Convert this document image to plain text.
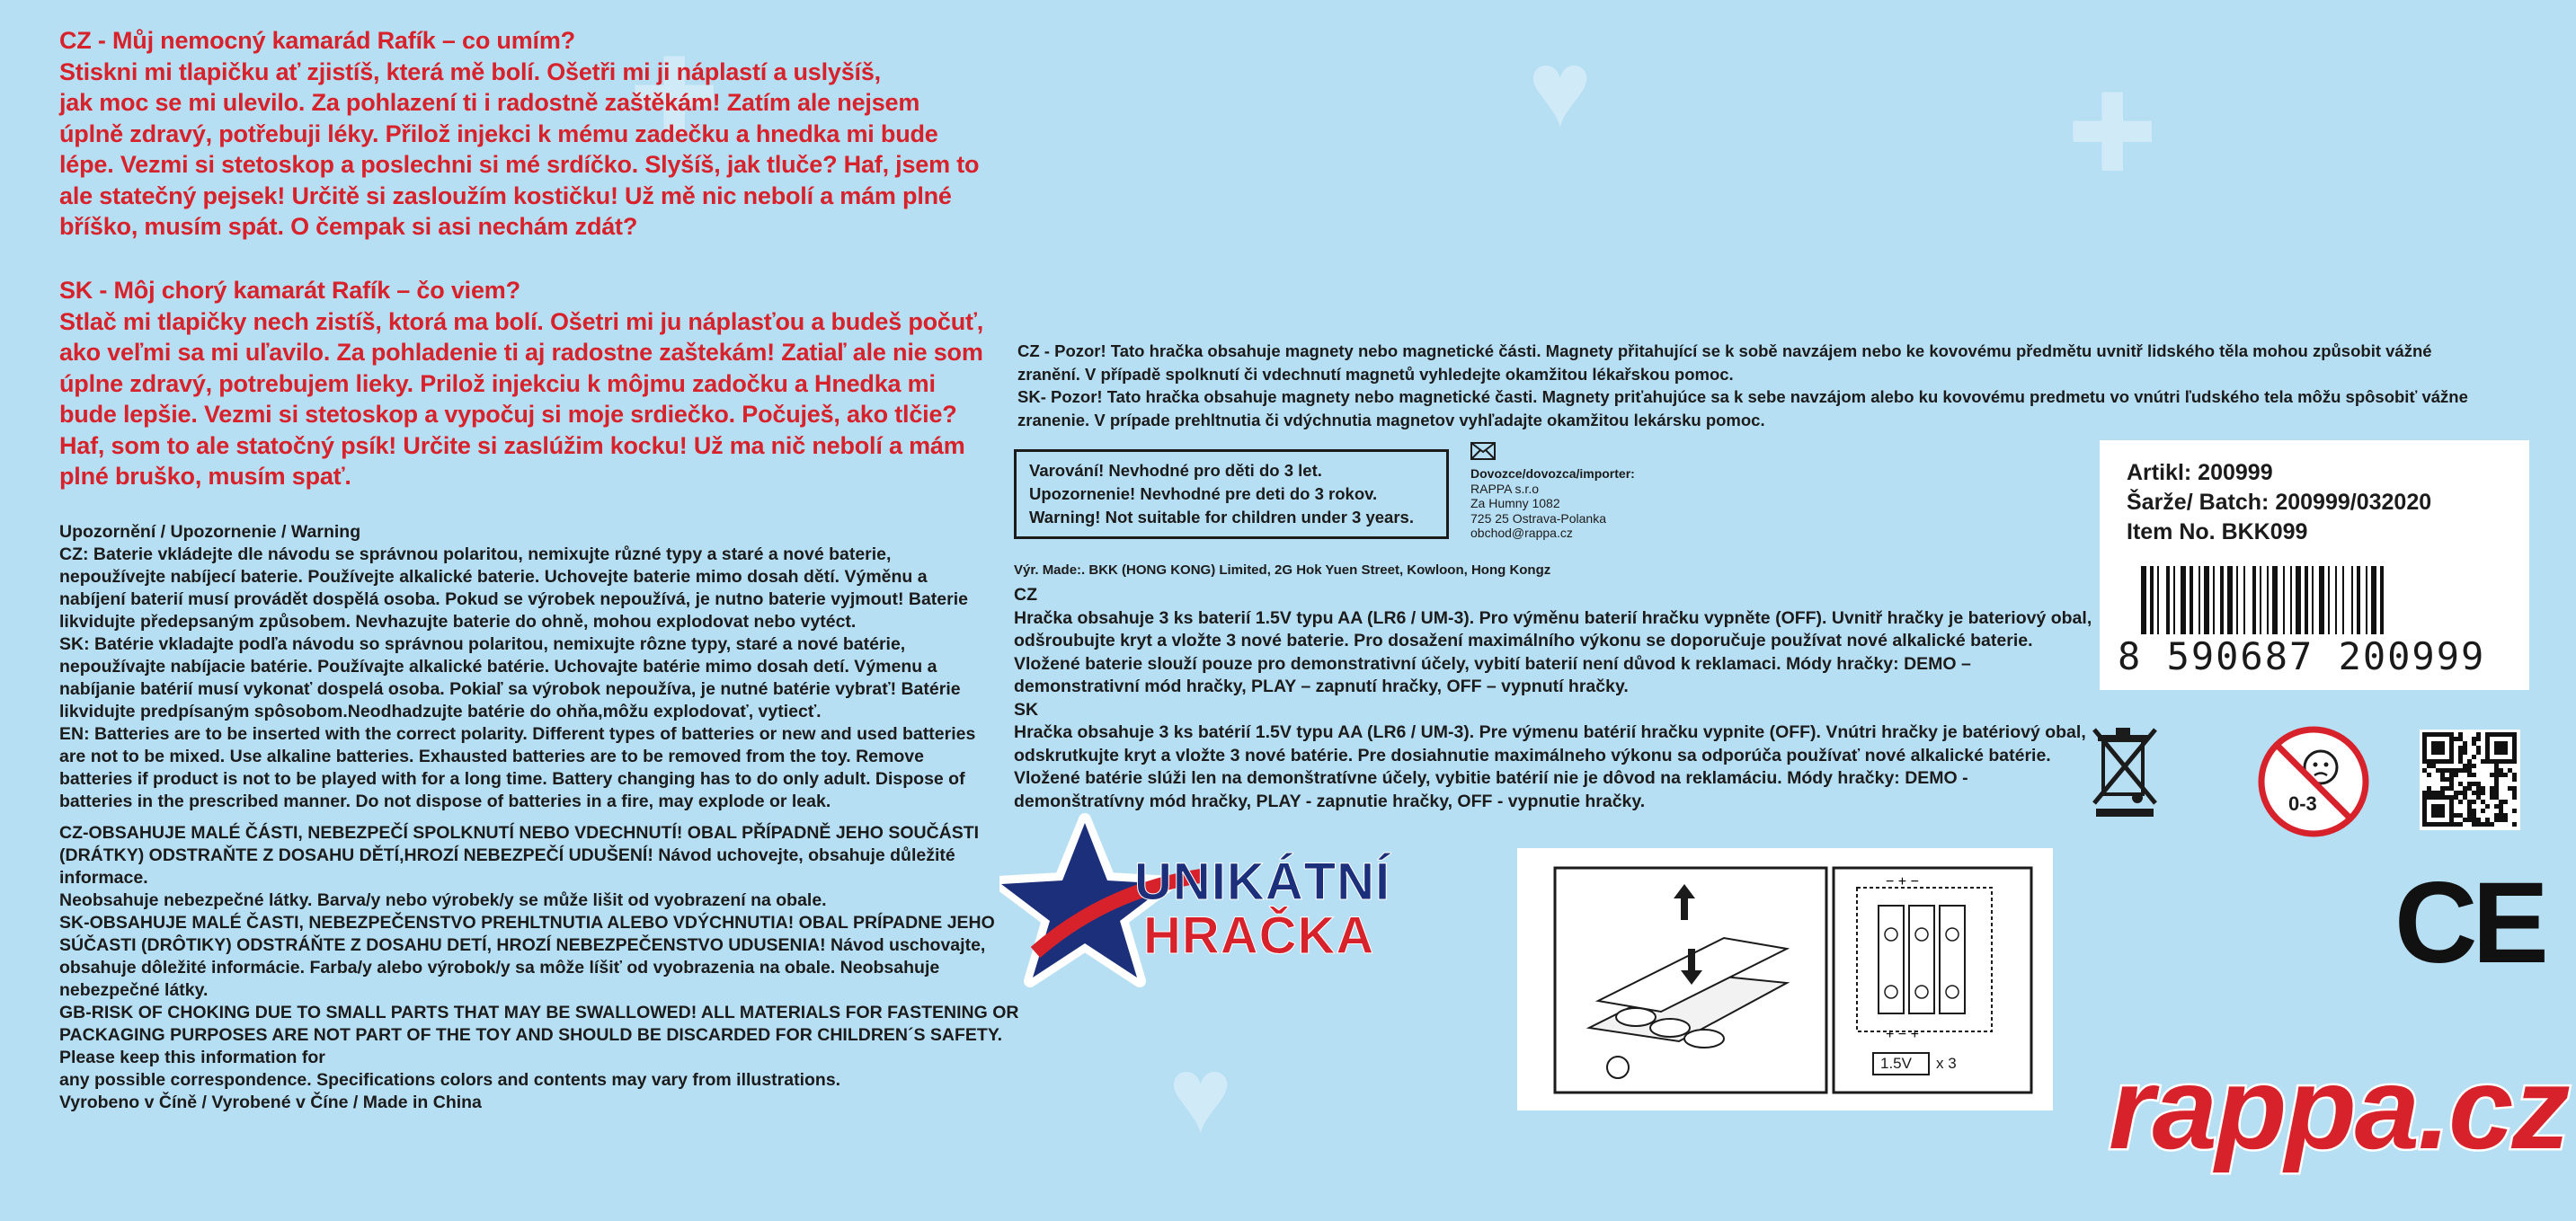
✚	♥	✚
♥
CZ - Můj nemocný kamarád Rafík – co umím?
Stiskni mi tlapičku ať zjistíš, která mě bolí. Ošetři mi ji náplastí a uslyšíš,
jak moc se mi ulevilo. Za pohlazení ti i radostně zaštěkám! Zatím ale nejsem
úplně zdravý, potřebuji léky. Přilož injekci k mému zadečku a hnedka mi bude
lépe. Vezmi si stetoskop a poslechni si mé srdíčko. Slyšíš, jak tluče? Haf, jsem to
ale statečný pejsek! Určitě si zasloužím kostičku! Už mě nic nebolí a mám plné
bříško, musím spát. O čempak si asi nechám zdát?
SK - Môj chorý kamarát Rafík – čo viem?
Stlač mi tlapičky nech zistíš, ktorá ma bolí. Ošetri mi ju náplasťou a budeš počuť,
ako veľmi sa mi uľavilo. Za pohladenie ti aj radostne zaštekám! Zatiaľ ale nie som
úplne zdravý, potrebujem lieky. Prilož injekciu k môjmu zadočku a Hnedka mi
bude lepšie. Vezmi si stetoskop a vypočuj si moje srdiečko. Počuješ, ako tlčie?
Haf, som to ale statočný psík! Určite si zaslúžim kocku! Už ma nič nebolí a mám
plné bruško, musím spať.
Upozornění / Upozornenie / Warning
CZ: Baterie vkládejte dle návodu se správnou polaritou, nemixujte různé typy a staré a nové baterie,
nepoužívejte nabíjecí baterie. Používejte alkalické baterie. Uchovejte baterie mimo dosah dětí. Výměnu a
nabíjení baterií musí provádět dospělá osoba. Pokud se výrobek nepoužívá, je nutno baterie vyjmout! Baterie
likvidujte předepsaným způsobem. Nevhazujte baterie do ohně, mohou explodovat nebo vytéct.
SK: Batérie vkladajte podľa návodu so správnou polaritou, nemixujte rôzne typy, staré a nové batérie,
nepoužívajte nabíjacie batérie. Používajte alkalické batérie. Uchovajte batérie mimo dosah detí. Výmenu a
nabíjanie batérií musí vykonať dospelá osoba. Pokiaľ sa výrobok nepoužíva, je nutné batérie vybrať! Batérie
likvidujte predpísaným spôsobom.Neodhadzujte batérie do ohňa,môžu explodovať, vytiecť.
EN: Batteries are to be inserted with the correct polarity. Different types of batteries or new and used batteries
are not to be mixed. Use alkaline batteries. Exhausted batteries are to be removed from the toy. Remove
batteries if product is not to be played with for a long time. Battery changing has to do only adult. Dispose of
batteries in the prescribed manner. Do not dispose of batteries in a fire, may explode or leak.
CZ-OBSAHUJE MALÉ ČÁSTI, NEBEZPEČÍ SPOLKNUTÍ NEBO VDECHNUTÍ! OBAL PŘÍPADNĚ JEHO SOUČÁSTI
(DRÁTKY) ODSTRAŇTE Z DOSAHU DĚTÍ,HROZÍ NEBEZPEČÍ UDUŠENÍ! Návod uchovejte, obsahuje důležité
informace.
Neobsahuje nebezpečné látky. Barva/y nebo výrobek/y se může lišit od vyobrazení na obale.
SK-OBSAHUJE MALÉ ČASTI, NEBEZPEČENSTVO PREHLTNUTIA ALEBO VDÝCHNUTIA! OBAL PRÍPADNE JEHO
SÚČASTI (DRÔTIKY) ODSTRÁŇTE Z DOSAHU DETÍ, HROZÍ NEBEZPEČENSTVO UDUSENIA! Návod uschovajte,
obsahuje dôležité informácie. Farba/y alebo výrobok/y sa môže líšiť od vyobrazenia na obale. Neobsahuje
nebezpečné látky.
GB-RISK OF CHOKING DUE TO SMALL PARTS THAT MAY BE SWALLOWED! ALL MATERIALS FOR FASTENING OR
PACKAGING PURPOSES ARE NOT PART OF THE TOY AND SHOULD BE DISCARDED FOR CHILDREN´S SAFETY.
Please keep this information for
any possible correspondence. Specifications colors and contents may vary from illustrations.
Vyrobeno v Číně / Vyrobené v Číne / Made in China
CZ - Pozor! Tato hračka obsahuje magnety nebo magnetické části. Magnety přitahující se k sobě navzájem nebo ke kovovému předmětu uvnitř lidského těla mohou způsobit vážné
zranění. V případě spolknutí či vdechnutí magnetů vyhledejte okamžitou lékařskou pomoc.
SK- Pozor! Tato hračka obsahuje magnety nebo magnetické časti. Magnety priťahujúce sa k sebe navzájom alebo ku kovovému predmetu vo vnútri ľudského tela môžu spôsobiť vážne
zranenie. V prípade prehltnutia či vdýchnutia magnetov vyhľadajte okamžitou lekársku pomoc.
Varování! Nevhodné pro děti do 3 let.
Upozornenie! Nevhodné pre deti do 3 rokov.
Warning! Not suitable for children under 3 years.
Dovozce/dovozca/importer:
RAPPA s.r.o
Za Humny 1082
725 25 Ostrava-Polanka
obchod@rappa.cz
Výr. Made:. BKK (HONG KONG) Limited, 2G Hok Yuen Street, Kowloon, Hong Kongz
CZ
Hračka obsahuje 3 ks baterií 1.5V typu AA (LR6 / UM-3). Pro výměnu baterií hračku vypněte (OFF). Uvnitř hračky je bateriový obal,
odšroubujte kryt a vložte 3 nové baterie. Pro dosažení maximálního výkonu se doporučuje používat nové alkalické baterie.
Vložené baterie slouží pouze pro demonstrativní účely, vybití baterií není důvod k reklamaci. Módy hračky: DEMO –
demonstrativní mód hračky, PLAY – zapnutí hračky, OFF – vypnutí hračky.
SK
Hračka obsahuje 3 ks batérií 1.5V typu AA (LR6 / UM-3). Pre výmenu batérií hračku vypnite (OFF). Vnútri hračky je batériový obal,
odskrutkujte kryt a vložte 3 nové batérie. Pre dosiahnutie maximálneho výkonu sa odporúča používať nové alkalické batérie.
Vložené batérie slúži len na demonštratívne účely, vybitie batérií nie je dôvod na reklamáciu. Módy hračky: DEMO -
demonštratívny mód hračky, PLAY - zapnutie hračky, OFF - vypnutie hračky.
UNIKÁTNÍ
HRAČKA
− + −
+ − +
1.5V x 3
Artikl: 200999
Šarže/ Batch: 200999/032020
Item No. BKK099
8 590687 200999
0-3
CE
rappa.cz
